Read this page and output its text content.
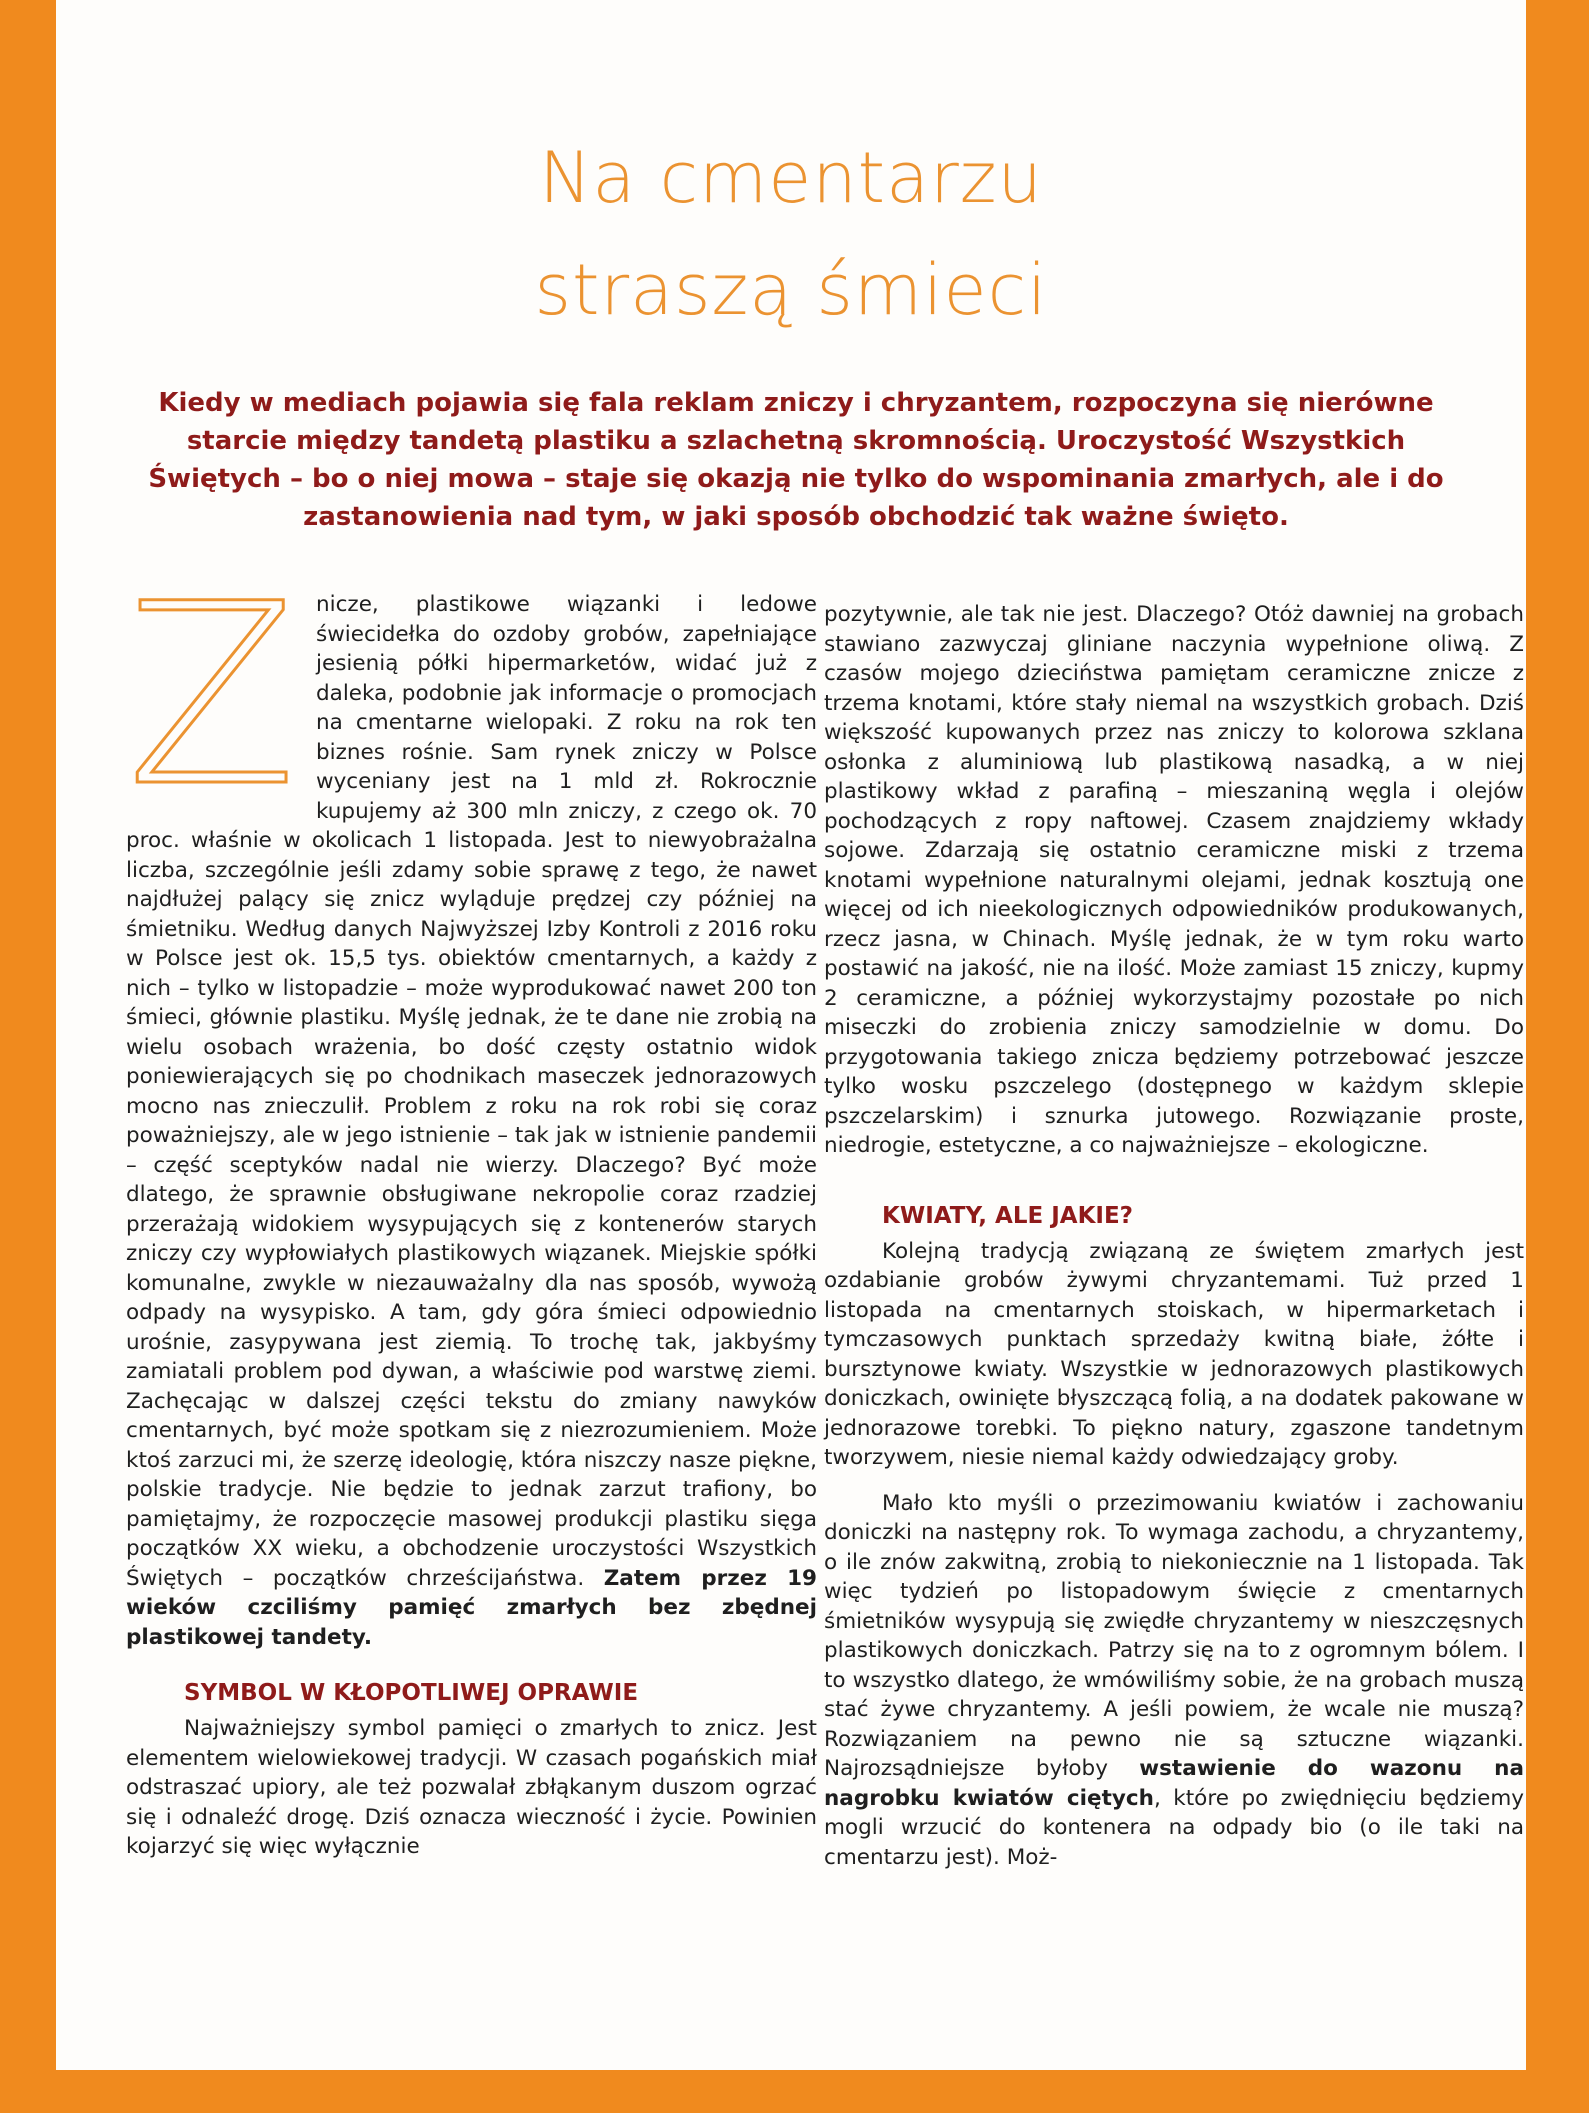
Na cmentarzu
straszą śmieci
Kiedy w mediach pojawia się fala reklam zniczy i chryzantem, rozpoczyna się nierówne starcie między tandetą plastiku a szlachetną skromnością. Uroczystość Wszystkich Świętych – bo o niej mowa – staje się okazją nie tylko do wspominania zmarłych, ale i do zastanowienia nad tym, w jaki sposób obchodzić tak ważne święto.
Z nicze, plastikowe wiązanki i ledowe świecidełka do ozdoby grobów, zapełniające jesienią półki hipermarketów, widać już z daleka, podobnie jak informacje o promocjach na cmentarne wielopaki. Z roku na rok ten biznes rośnie. Sam rynek zniczy w Polsce wyceniany jest na 1 mld zł. Rokrocznie kupujemy aż 300 mln zniczy, z czego ok. 70 proc. właśnie w okolicach 1 listopada. Jest to niewyobrażalna liczba, szczególnie jeśli zdamy sobie sprawę z tego, że nawet najdłużej palący się znicz wyląduje prędzej czy później na śmietniku. Według danych Najwyższej Izby Kontroli z 2016 roku w Polsce jest ok. 15,5 tys. obiektów cmentarnych, a każdy z nich – tylko w listopadzie – może wyprodukować nawet 200 ton śmieci, głównie plastiku. Myślę jednak, że te dane nie zrobią na wielu osobach wrażenia, bo dość częsty ostatnio widok poniewierających się po chodnikach maseczek jednorazowych mocno nas znieczulił. Problem z roku na rok robi się coraz poważniejszy, ale w jego istnienie – tak jak w istnienie pandemii – część sceptyków nadal nie wierzy. Dlaczego? Być może dlatego, że sprawnie obsługiwane nekropolie coraz rzadziej przerażają widokiem wysypujących się z kontenerów starych zniczy czy wypłowiałych plastikowych wiązanek. Miejskie spółki komunalne, zwykle w niezauważalny dla nas sposób, wywożą odpady na wysypisko. A tam, gdy góra śmieci odpowiednio urośnie, zasypywana jest ziemią. To trochę tak, jakbyśmy zamiatali problem pod dywan, a właściwie pod warstwę ziemi. Zachęcając w dalszej części tekstu do zmiany nawyków cmentarnych, być może spotkam się z niezrozumieniem. Może ktoś zarzuci mi, że szerzę ideologię, która niszczy nasze piękne, polskie tradycje. Nie będzie to jednak zarzut trafiony, bo pamiętajmy, że rozpoczęcie masowej produkcji plastiku sięga początków XX wieku, a obchodzenie uroczystości Wszystkich Świętych – początków chrześcijaństwa. Zatem przez 19 wieków czciliśmy pamięć zmarłych bez zbędnej plastikowej tandety.

SYMBOL W KŁOPOTLIWEJ OPRAWIE

Najważniejszy symbol pamięci o zmarłych to znicz. Jest elementem wielowiekowej tradycji. W czasach pogańskich miał odstraszać upiory, ale też pozwalał zbłąkanym duszom ogrzać się i odnaleźć drogę. Dziś oznacza wieczność i życie. Powinien kojarzyć się więc wyłącznie

pozytywnie, ale tak nie jest. Dlaczego? Otóż dawniej na grobach stawiano zazwyczaj gliniane naczynia wypełnione oliwą. Z czasów mojego dzieciństwa pamiętam ceramiczne znicze z trzema knotami, które stały niemal na wszystkich grobach. Dziś większość kupowanych przez nas zniczy to kolorowa szklana osłonka z aluminiową lub plastikową nasadką, a w niej plastikowy wkład z parafiną – mieszaniną węgla i olejów pochodzących z ropy naftowej. Czasem znajdziemy wkłady sojowe. Zdarzają się ostatnio ceramiczne miski z trzema knotami wypełnione naturalnymi olejami, jednak kosztują one więcej od ich nieekologicznych odpowiedników produkowanych, rzecz jasna, w Chinach. Myślę jednak, że w tym roku warto postawić na jakość, nie na ilość. Może zamiast 15 zniczy, kupmy 2 ceramiczne, a później wykorzystajmy pozostałe po nich miseczki do zrobienia zniczy samodzielnie w domu. Do przygotowania takiego znicza będziemy potrzebować jeszcze tylko wosku pszczelego (dostępnego w każdym sklepie pszczelarskim) i sznurka jutowego. Rozwiązanie proste, niedrogie, estetyczne, a co najważniejsze – ekologiczne.

KWIATY, ALE JAKIE?

Kolejną tradycją związaną ze świętem zmarłych jest ozdabianie grobów żywymi chryzantemami. Tuż przed 1 listopada na cmentarnych stoiskach, w hipermarketach i tymczasowych punktach sprzedaży kwitną białe, żółte i bursztynowe kwiaty. Wszystkie w jednorazowych plastikowych doniczkach, owinięte błyszczącą folią, a na dodatek pakowane w jednorazowe torebki. To piękno natury, zgaszone tandetnym tworzywem, niesie niemal każdy odwiedzający groby.

Mało kto myśli o przezimowaniu kwiatów i zachowaniu doniczki na następny rok. To wymaga zachodu, a chryzantemy, o ile znów zakwitną, zrobią to niekoniecznie na 1 listopada. Tak więc tydzień po listopadowym święcie z cmentarnych śmietników wysypują się zwiędłe chryzantemy w nieszczęsnych plastikowych doniczkach. Patrzy się na to z ogromnym bólem. I to wszystko dlatego, że wmówiliśmy sobie, że na grobach muszą stać żywe chryzantemy. A jeśli powiem, że wcale nie muszą? Rozwiązaniem na pewno nie są sztuczne wiązanki. Najrozsądniejsze byłoby wstawienie do wazonu na nagrobku kwiatów ciętych, które po zwiędnięciu będziemy mogli wrzucić do kontenera na odpady bio (o ile taki na cmentarzu jest). Moż-
